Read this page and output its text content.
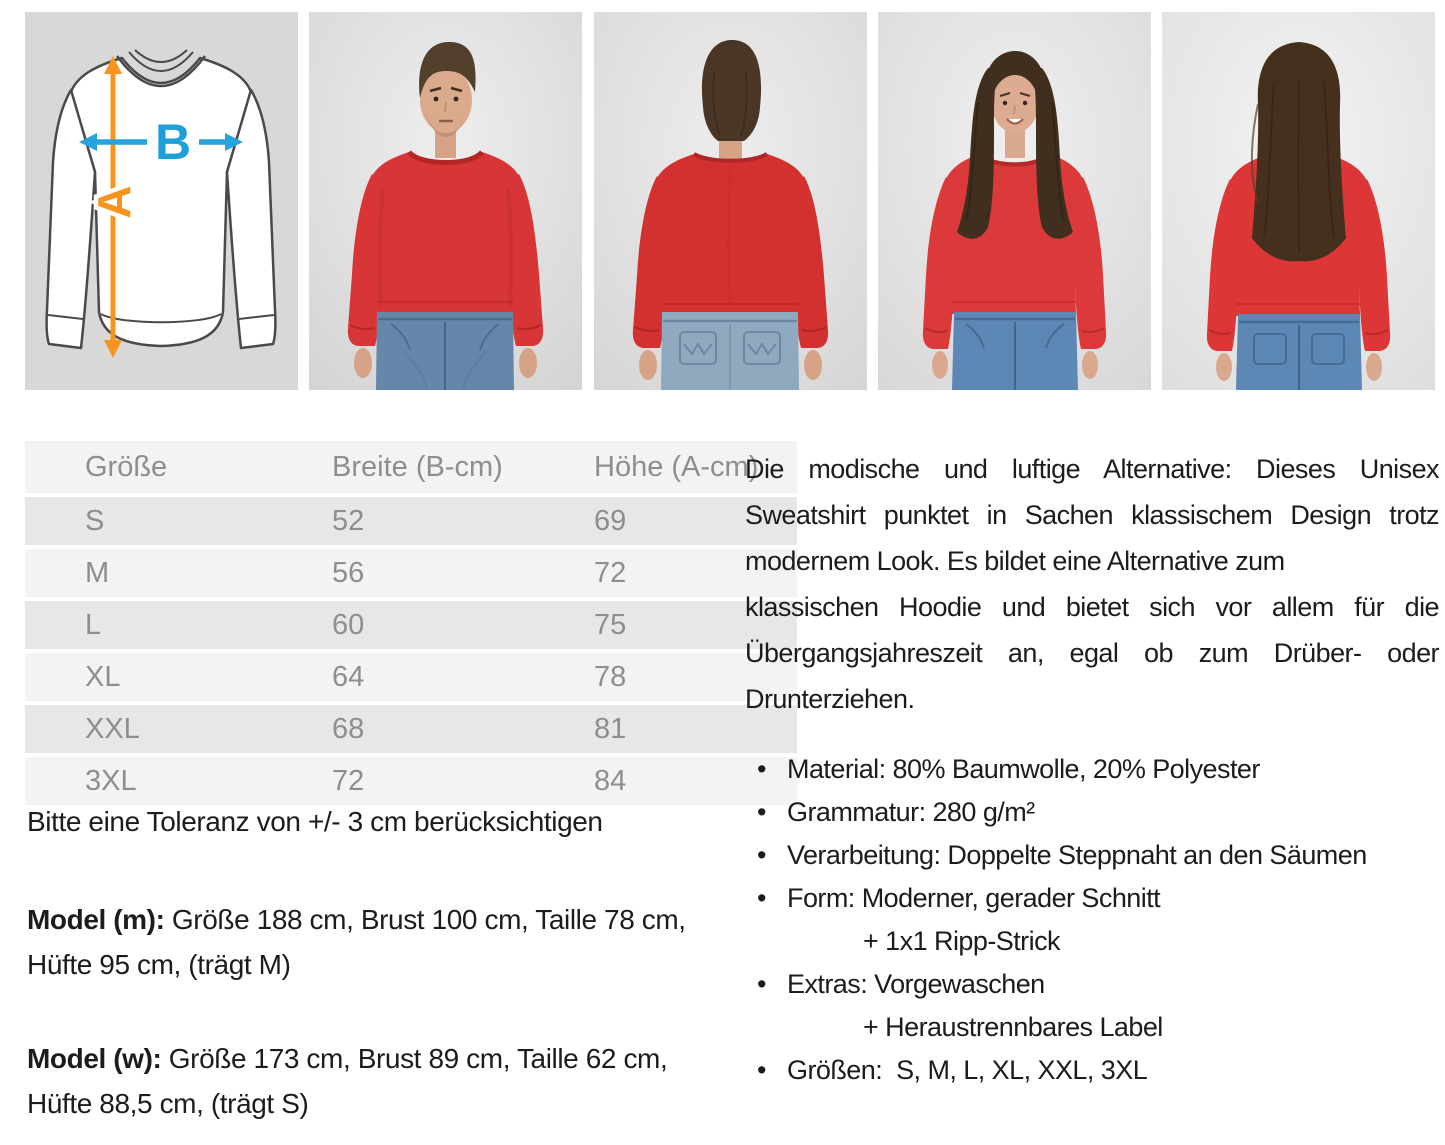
A
B
Größe	Breite (B-cm)	Höhe (A-cm)
S	52	69
M	56	72
L	60	75
XL	64	78
XXL	68	81
3XL	72	84
Bitte eine Toleranz von +/- 3 cm berücksichtigen
Model (m): Größe 188 cm, Brust 100 cm, Taille 78 cm,
Hüfte 95 cm, (trägt M)
Model (w): Größe 173 cm, Brust 89 cm, Taille 62 cm,
Hüfte 88,5 cm, (trägt S)
Die modische und luftige Alternative: Dieses Unisex
Sweatshirt punktet in Sachen klassischem Design trotz
modernem Look. Es bildet eine Alternative zum
klassischen Hoodie und bietet sich vor allem für die
Übergangsjahreszeit an, egal ob zum Drüber- oder
Drunterziehen.
• Material: 80% Baumwolle, 20% Polyester
• Grammatur: 280 g/m²
• Verarbeitung: Doppelte Steppnaht an den Säumen
• Form: Moderner, gerader Schnitt
+ 1x1 Ripp-Strick
• Extras: Vorgewaschen
+ Heraustrennbares Label
• Größen:  S, M, L, XL, XXL, 3XL
